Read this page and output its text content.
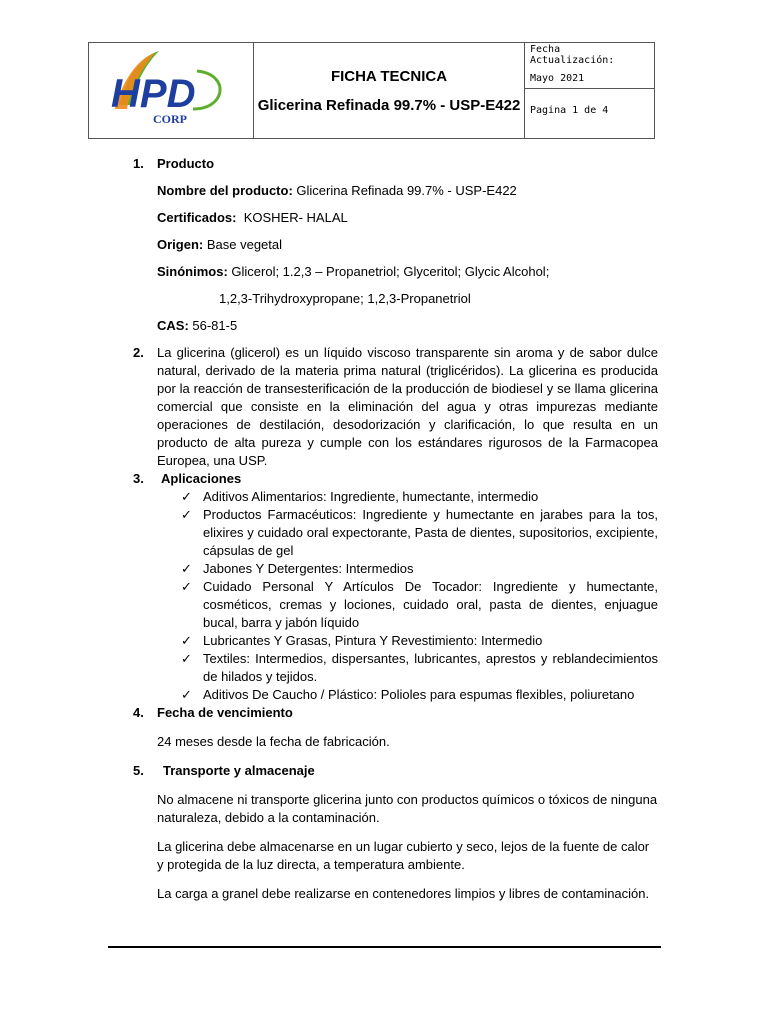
HPD
CORP
FICHA TECNICA
Glicerina Refinada 99.7% - USP-E422
Fecha Actualización:
Mayo 2021
Pagina 1 de 4
1.	Producto

Nombre del producto: Glicerina Refinada 99.7% - USP-E422

Certificados:  KOSHER- HALAL

Origen: Base vegetal

Sinónimos: Glicerol; 1.2,3 – Propanetriol; Glyceritol; Glycic Alcohol;

1,2,3-Trihydroxypropane; 1,2,3-Propanetriol

CAS: 56-81-5

2.	La glicerina (glicerol) es un líquido viscoso transparente sin aroma y de sabor dulce natural, derivado de la materia prima natural (triglicéridos). La glicerina es producida por la reacción de transesterificación de la producción de biodiesel y se llama glicerina comercial que consiste en la eliminación del agua y otras impurezas mediante operaciones de destilación, desodorización y clarificación, lo que resulta en un producto de alta pureza y cumple con los estándares rigurosos de la Farmacopea Europea, una USP.

3.	Aplicaciones

✓ Aditivos Alimentarios: Ingrediente, humectante, intermedio
✓ Productos Farmacéuticos: Ingrediente y humectante en jarabes para la tos, elixires y cuidado oral expectorante, Pasta de dientes, supositorios, excipiente, cápsulas de gel
✓ Jabones Y Detergentes: Intermedios
✓ Cuidado Personal Y Artículos De Tocador: Ingrediente y humectante, cosméticos, cremas y lociones, cuidado oral, pasta de dientes, enjuague bucal, barra y jabón líquido
✓ Lubricantes Y Grasas, Pintura Y Revestimiento: Intermedio
✓ Textiles: Intermedios, dispersantes, lubricantes, aprestos y reblandecimientos de hilados y tejidos.
✓ Aditivos De Caucho / Plástico: Polioles para espumas flexibles, poliuretano
4.	Fecha de vencimiento

24 meses desde la fecha de fabricación.

5.	Transporte y almacenaje

No almacene ni transporte glicerina junto con productos químicos o tóxicos de ninguna naturaleza, debido a la contaminación.

La glicerina debe almacenarse en un lugar cubierto y seco, lejos de la fuente de calor y protegida de la luz directa, a temperatura ambiente.

La carga a granel debe realizarse en contenedores limpios y libres de contaminación.
